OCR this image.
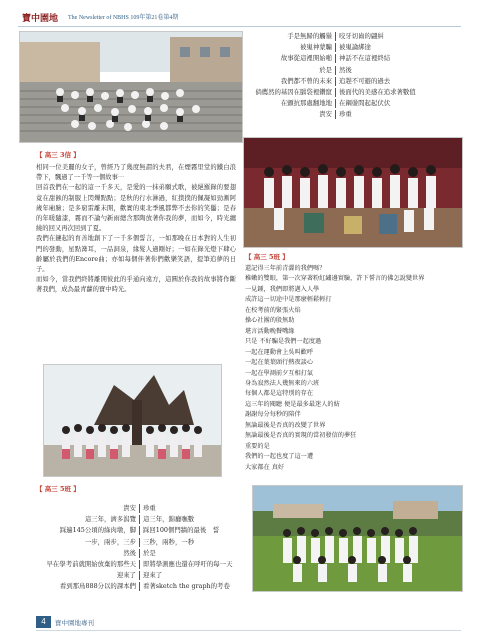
寶中園地 The Newsletter of NBHS 109年第21卷第4期
手是無歸的觸鬚	咬牙切齒的翩糾
被嵬神蒙騙	被嵬論綁途
故事從這裡開始啪	神話不在這裡終結
於是	然後
我們都不曾的未來	追趕不可避的過去
倘薦然的基因在腦袋裡鑽竄	後面代的美感在追求著數值
在顫抗那處翻地地	在鋼盪間起起伏伏
貴安	珍重
【 高三 3信 】
相同一位美麗的女子，曾經乃了幾度無謂的夫君，在煙霧里堂的鐵白浪帶下，飄過了一千等一個故事⋯
回首我們在一起的這一千多天，是愛的一抹弟願式歌，被絕羅錄的要翅竟在甜蝕的制服上閃爍點點；是秋的行水淋過，紅撲撲的佩凝如勁漸阿歲年廂臉；是多窮雷離未開，歡實的東北季風都弊不去你的笑靨；是春的年暖隨漆，霧而不論勺新雨總含那陶放著你我的夢，而如今，時光纏繞的回又再次回到了夏。
我們在鏈起的育善地創下了一千多個誓言，一如那晚在日本對的人生初門的發動，星點篝耳，一品洞泉，緣髮人過剛好；一如在錄光燈下肆心齡屬於我們的Encore曲；亦如每個伴著你們歡樂笑語，提筆追夢的日子。
而如今，當我們終將離開彼此的乎通向遠方，這圓於你我的故事將作斷著我們，成為最青蘿的寶中時光。
【 高三 5班 】
還記得三年前青澀的我們嗎？
稚嫩的雙眼，第一次穿著粉紅繡邊實驗，許下誓言的佛怎說變世界
一見鍾，我們即將邁入人學
成許這一切途中是那麼輕鬆輕打
在校考前的緊張火焰
操心社團的殷無助
堪言活動晚餐嘴緣
只是 不好騙是我們一起度過
一起在運動會上吳叫歡呼
一起在葉葉頭行熱夜談心
一起在學測前夕互相打氣
身為寂然法人幾無來的六班
每個人都是這特別的存在
這三年的閱聽 便是最多最迷人的紡
謝謝每分每秒的陪伴
無論最後是否真的改變了世界
無論最後是否真的實現的當初發信的夢狂
重要的是
我們的一起也度了這一遭
大家都在 真好
【 高三 5班 】
貴安	珍重
這三年，濟多潟覽	這三年，錦廳嘸數
踩遍145公頃的綠肉墩，脚	踩回100個門牆的最後　誓
一步，兩步，三步	三秒，兩秒，一秒
然後	於是
早在學考前就開始放棄的那些天	即將學測應也還在呼吁的每一天
迎來了	迎來了
看到那鳥888分以的課本們	看著sketch the graph的考卷
4	寶中園地專刊
